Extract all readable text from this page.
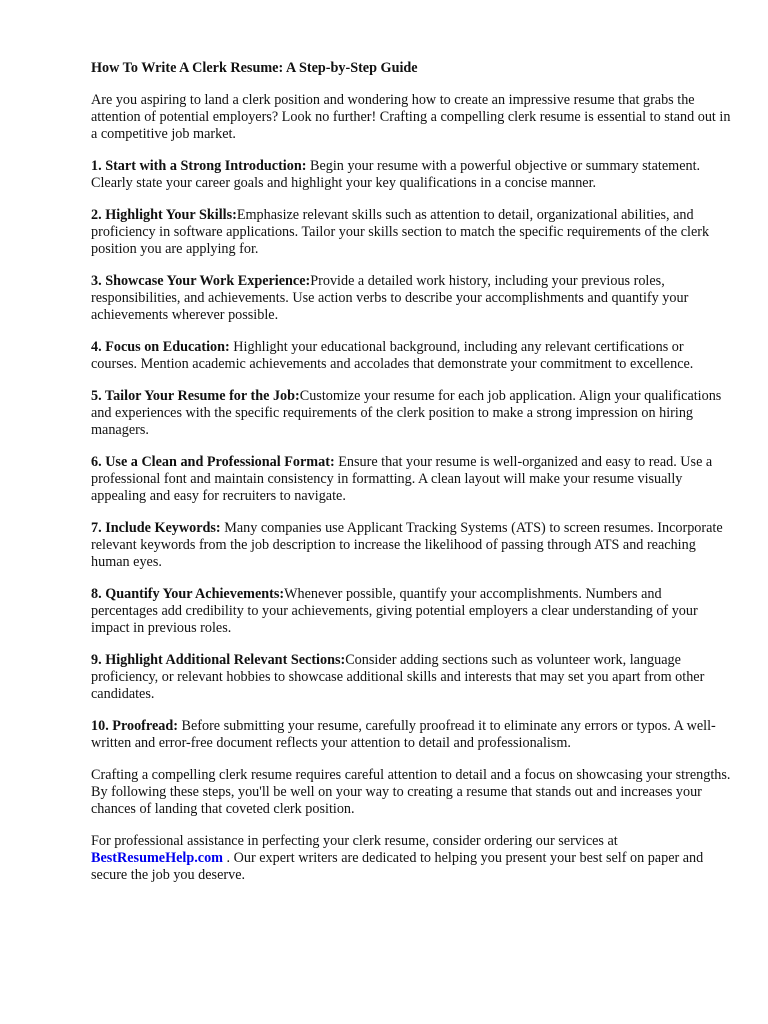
How To Write A Clerk Resume: A Step-by-Step Guide

Are you aspiring to land a clerk position and wondering how to create an impressive resume that grabs the attention of potential employers? Look no further! Crafting a compelling clerk resume is essential to stand out in a competitive job market.

1. Start with a Strong Introduction: Begin your resume with a powerful objective or summary statement. Clearly state your career goals and highlight your key qualifications in a concise manner.

2. Highlight Your Skills:Emphasize relevant skills such as attention to detail, organizational abilities, and proficiency in software applications. Tailor your skills section to match the specific requirements of the clerk position you are applying for.

3. Showcase Your Work Experience:Provide a detailed work history, including your previous roles, responsibilities, and achievements. Use action verbs to describe your accomplishments and quantify your achievements wherever possible.

4. Focus on Education: Highlight your educational background, including any relevant certifications or courses. Mention academic achievements and accolades that demonstrate your commitment to excellence.

5. Tailor Your Resume for the Job:Customize your resume for each job application. Align your qualifications and experiences with the specific requirements of the clerk position to make a strong impression on hiring managers.

6. Use a Clean and Professional Format: Ensure that your resume is well-organized and easy to read. Use a professional font and maintain consistency in formatting. A clean layout will make your resume visually appealing and easy for recruiters to navigate.

7. Include Keywords: Many companies use Applicant Tracking Systems (ATS) to screen resumes. Incorporate relevant keywords from the job description to increase the likelihood of passing through ATS and reaching human eyes.

8. Quantify Your Achievements:Whenever possible, quantify your accomplishments. Numbers and percentages add credibility to your achievements, giving potential employers a clear understanding of your impact in previous roles.

9. Highlight Additional Relevant Sections:Consider adding sections such as volunteer work, language proficiency, or relevant hobbies to showcase additional skills and interests that may set you apart from other candidates.

10. Proofread: Before submitting your resume, carefully proofread it to eliminate any errors or typos. A well-written and error-free document reflects your attention to detail and professionalism.

Crafting a compelling clerk resume requires careful attention to detail and a focus on showcasing your strengths. By following these steps, you'll be well on your way to creating a resume that stands out and increases your chances of landing that coveted clerk position.

For professional assistance in perfecting your clerk resume, consider ordering our services at BestResumeHelp.com . Our expert writers are dedicated to helping you present your best self on paper and secure the job you deserve.
